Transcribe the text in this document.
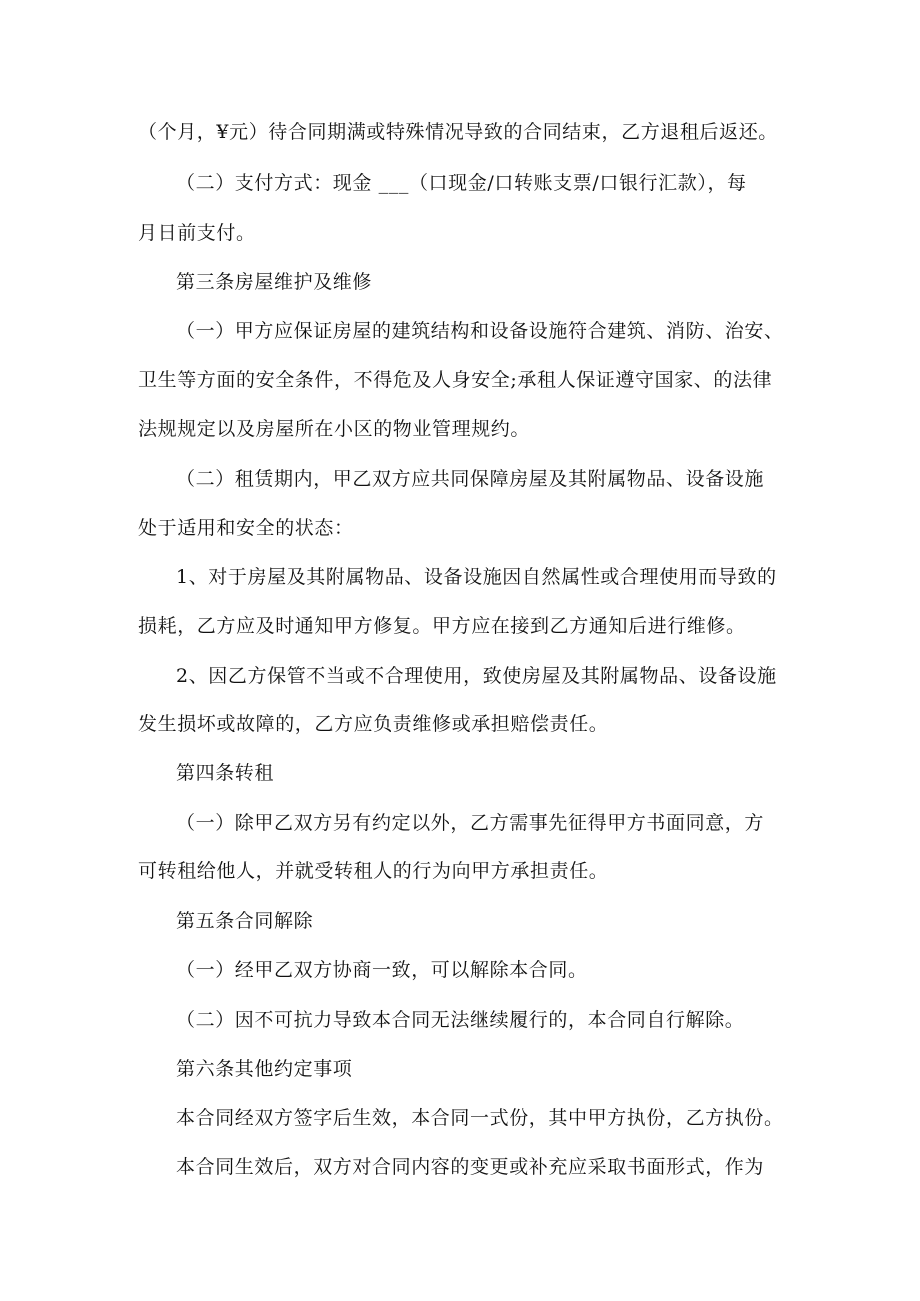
（个月，¥元）待合同期满或特殊情况导致的合同结束，乙方退租后返还。
（二）支付方式：现金 ___（口现金/口转账支票/口银行汇款），每
月日前支付。
第三条房屋维护及维修
（一）甲方应保证房屋的建筑结构和设备设施符合建筑、消防、治安、
卫生等方面的安全条件，不得危及人身安全;承租人保证遵守国家、的法律
法规规定以及房屋所在小区的物业管理规约。
（二）租赁期内，甲乙双方应共同保障房屋及其附属物品、设备设施
处于适用和安全的状态：
1、对于房屋及其附属物品、设备设施因自然属性或合理使用而导致的
损耗，乙方应及时通知甲方修复。甲方应在接到乙方通知后进行维修。
2、因乙方保管不当或不合理使用，致使房屋及其附属物品、设备设施
发生损坏或故障的，乙方应负责维修或承担赔偿责任。
第四条转租
（一）除甲乙双方另有约定以外，乙方需事先征得甲方书面同意，方
可转租给他人，并就受转租人的行为向甲方承担责任。
第五条合同解除
（一）经甲乙双方协商一致，可以解除本合同。
（二）因不可抗力导致本合同无法继续履行的，本合同自行解除。
第六条其他约定事项
本合同经双方签字后生效，本合同一式份，其中甲方执份，乙方执份。
本合同生效后，双方对合同内容的变更或补充应采取书面形式，作为
